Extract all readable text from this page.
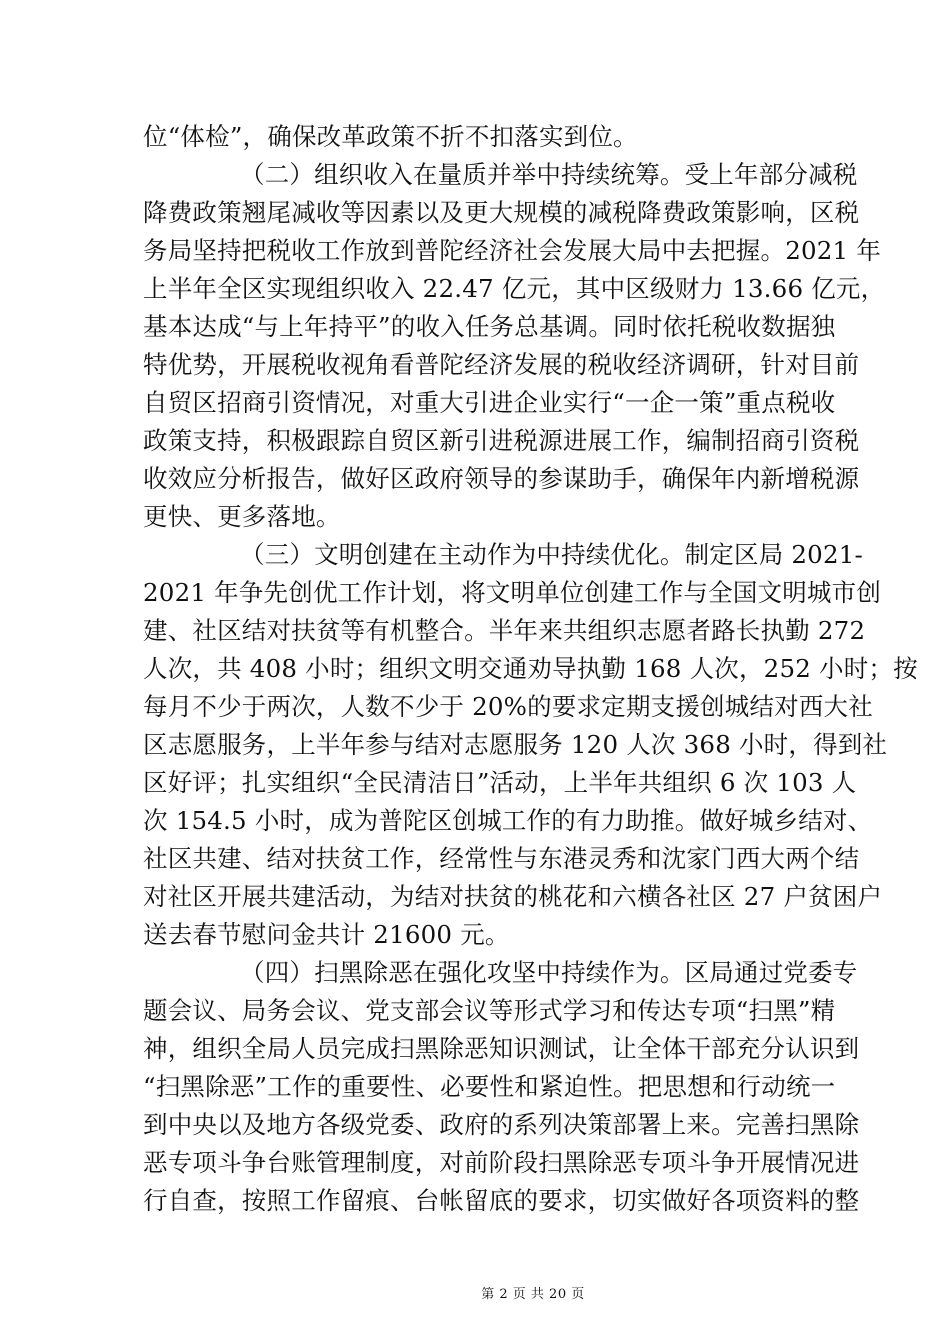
位“体检”，确保改革政策不折不扣落实到位。
（二）组织收入在量质并举中持续统筹。受上年部分减税
降费政策翘尾减收等因素以及更大规模的减税降费政策影响，区税
务局坚持把税收工作放到普陀经济社会发展大局中去把握。2021 年
上半年全区实现组织收入 22.47 亿元，其中区级财力 13.66 亿元，
基本达成“与上年持平”的收入任务总基调。同时依托税收数据独
特优势，开展税收视角看普陀经济发展的税收经济调研，针对目前
自贸区招商引资情况，对重大引进企业实行“一企一策”重点税收
政策支持，积极跟踪自贸区新引进税源进展工作，编制招商引资税
收效应分析报告，做好区政府领导的参谋助手，确保年内新增税源
更快、更多落地。
（三）文明创建在主动作为中持续优化。制定区局 2021-
2021 年争先创优工作计划，将文明单位创建工作与全国文明城市创
建、社区结对扶贫等有机整合。半年来共组织志愿者路长执勤 272
人次，共 408 小时；组织文明交通劝导执勤 168 人次，252 小时；按
每月不少于两次，人数不少于 20%的要求定期支援创城结对西大社
区志愿服务，上半年参与结对志愿服务 120 人次 368 小时，得到社
区好评；扎实组织“全民清洁日”活动，上半年共组织 6 次 103 人
次 154.5 小时，成为普陀区创城工作的有力助推。做好城乡结对、
社区共建、结对扶贫工作，经常性与东港灵秀和沈家门西大两个结
对社区开展共建活动，为结对扶贫的桃花和六横各社区 27 户贫困户
送去春节慰问金共计 21600 元。
（四）扫黑除恶在强化攻坚中持续作为。区局通过党委专
题会议、局务会议、党支部会议等形式学习和传达专项“扫黑”精
神，组织全局人员完成扫黑除恶知识测试，让全体干部充分认识到
“扫黑除恶”工作的重要性、必要性和紧迫性。把思想和行动统一
到中央以及地方各级党委、政府的系列决策部署上来。完善扫黑除
恶专项斗争台账管理制度，对前阶段扫黑除恶专项斗争开展情况进
行自查，按照工作留痕、台帐留底的要求，切实做好各项资料的整
第 2 页 共 20 页
